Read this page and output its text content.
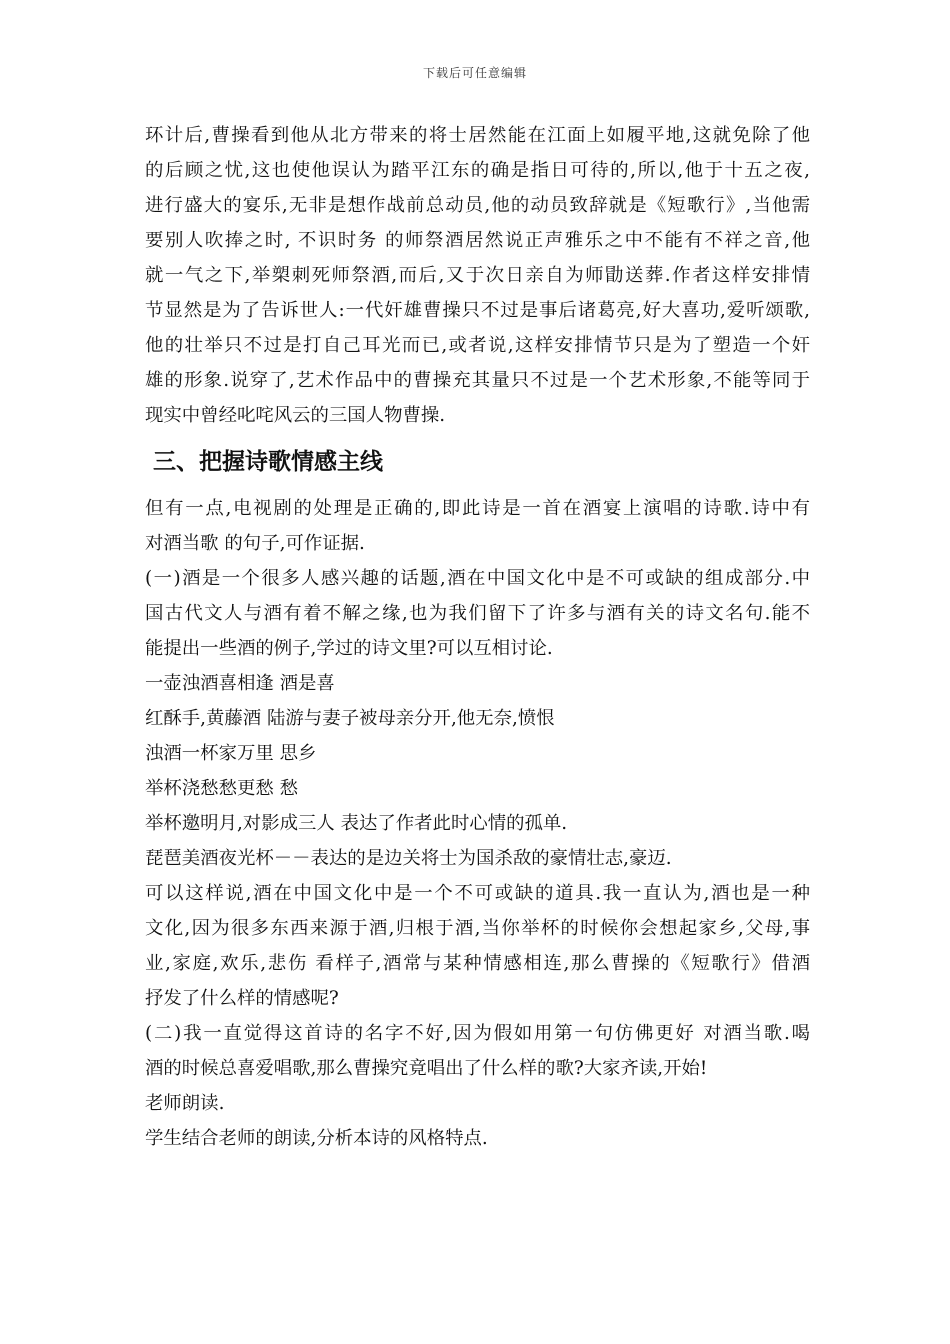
下载后可任意编辑
环计后,曹操看到他从北方带来的将士居然能在江面上如履平地,这就免除了他
的后顾之忧,这也使他误认为踏平江东的确是指日可待的,所以,他于十五之夜,
进行盛大的宴乐,无非是想作战前总动员,他的动员致辞就是《短歌行》,当他需
要别人吹捧之时, 不识时务 的师祭酒居然说正声雅乐之中不能有不祥之音,他
就一气之下,举槊刺死师祭酒,而后,又于次日亲自为师勖送葬.作者这样安排情
节显然是为了告诉世人:一代奸雄曹操只不过是事后诸葛亮,好大喜功,爱听颂歌,
他的壮举只不过是打自己耳光而已,或者说,这样安排情节只是为了塑造一个奸
雄的形象.说穿了,艺术作品中的曹操充其量只不过是一个艺术形象,不能等同于
现实中曾经叱咤风云的三国人物曹操.
三、把握诗歌情感主线
但有一点,电视剧的处理是正确的,即此诗是一首在酒宴上演唱的诗歌.诗中有
对酒当歌 的句子,可作证据.
(一)酒是一个很多人感兴趣的话题,酒在中国文化中是不可或缺的组成部分.中
国古代文人与酒有着不解之缘,也为我们留下了许多与酒有关的诗文名句.能不
能提出一些酒的例子,学过的诗文里?可以互相讨论.
一壶浊酒喜相逢 酒是喜
红酥手,黄藤酒 陆游与妻子被母亲分开,他无奈,愤恨
浊酒一杯家万里 思乡
举杯浇愁愁更愁 愁
举杯邀明月,对影成三人 表达了作者此时心情的孤单.
琵琶美酒夜光杯－－表达的是边关将士为国杀敌的豪情壮志,豪迈.
可以这样说,酒在中国文化中是一个不可或缺的道具.我一直认为,酒也是一种
文化,因为很多东西来源于酒,归根于酒,当你举杯的时候你会想起家乡,父母,事
业,家庭,欢乐,悲伤 看样子,酒常与某种情感相连,那么曹操的《短歌行》借酒
抒发了什么样的情感呢?
(二)我一直觉得这首诗的名字不好,因为假如用第一句仿佛更好 对酒当歌.喝
酒的时候总喜爱唱歌,那么曹操究竟唱出了什么样的歌?大家齐读,开始!
老师朗读.
学生结合老师的朗读,分析本诗的风格特点.
